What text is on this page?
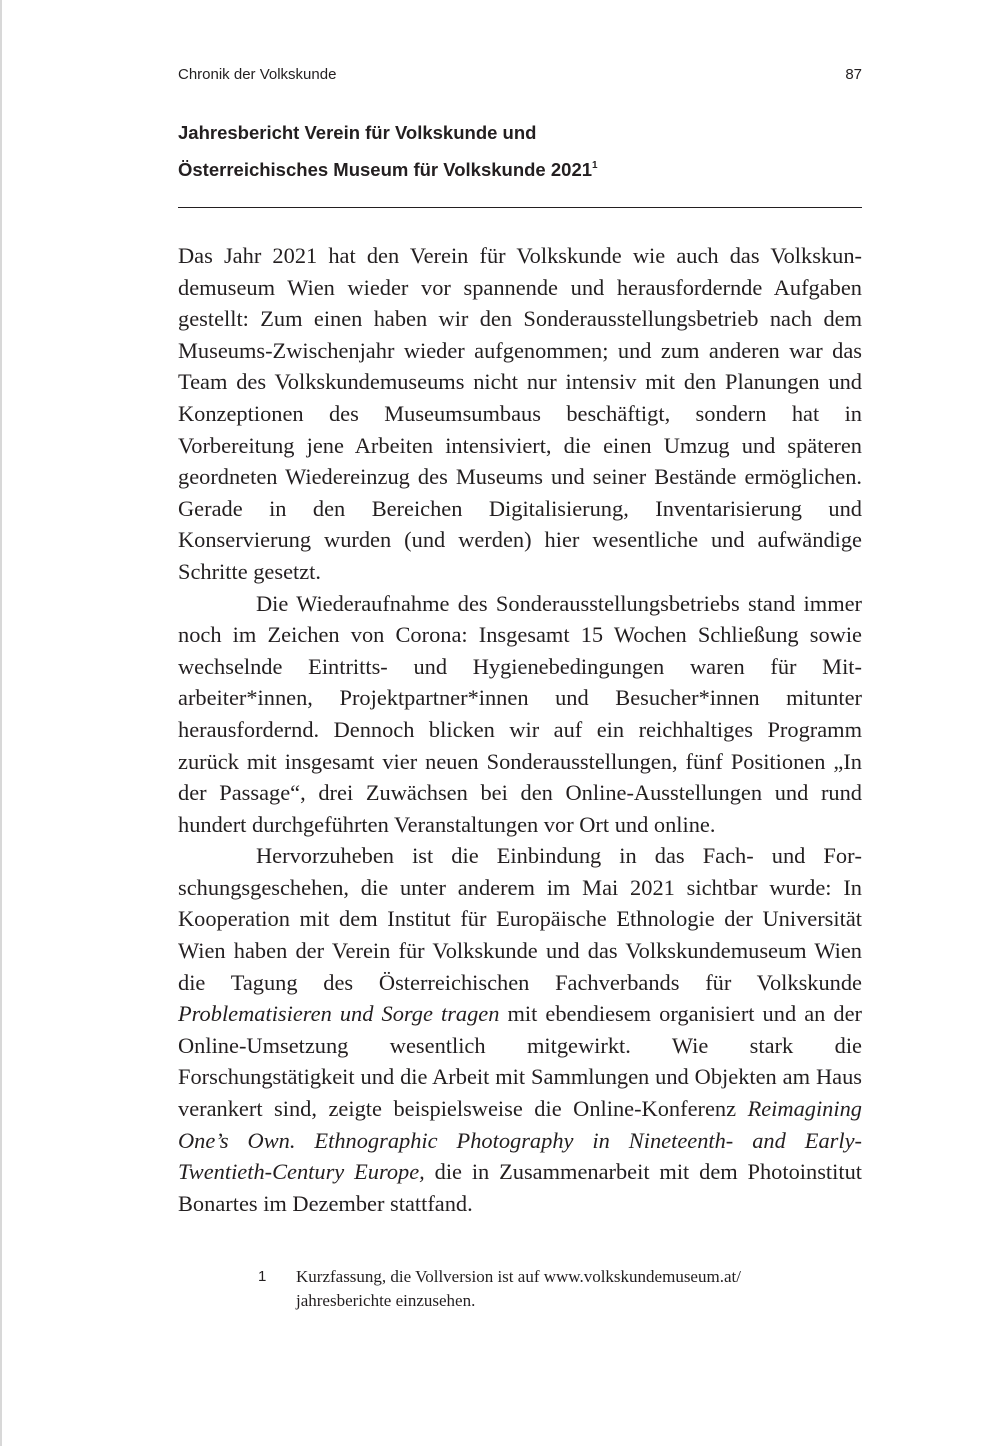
Chronik der Volkskunde	87
Jahresbericht Verein für Volkskunde und
Österreichisches Museum für Volkskunde 2021$^1$

Das Jahr 2021 hat den Verein für Volkskunde wie auch das Volkskundemuseum Wien wieder vor spannende und herausfordernde Aufgaben gestellt: Zum einen haben wir den Sonderausstellungsbetrieb nach dem Museums-Zwischenjahr wieder aufgenommen; und zum anderen war das Team des Volkskundemuseums nicht nur intensiv mit den Planungen und Konzeptionen des Museumsumbaus beschäftigt, sondern hat in Vorbereitung jene Arbeiten intensiviert, die einen Umzug und späteren geordneten Wiedereinzug des Museums und seiner Bestände ermöglichen. Gerade in den Bereichen Digitalisierung, Inventarisierung und Konservierung wurden (und werden) hier wesentliche und aufwändige Schritte gesetzt.

Die Wiederaufnahme des Sonderausstellungsbetriebs stand immer noch im Zeichen von Corona: Insgesamt 15 Wochen Schließung sowie wechselnde Eintritts- und Hygienebedingungen waren für Mitarbeiter*innen, Projektpartner*innen und Besucher*innen mitunter herausfordernd. Dennoch blicken wir auf ein reichhaltiges Programm zurück mit insgesamt vier neuen Sonderausstellungen, fünf Positionen „In der Passage“, drei Zuwächsen bei den Online-Ausstellungen und rund hundert durchgeführten Veranstaltungen vor Ort und online.

Hervorzuheben ist die Einbindung in das Fach- und Forschungsgeschehen, die unter anderem im Mai 2021 sichtbar wurde: In Kooperation mit dem Institut für Europäische Ethnologie der Universität Wien haben der Verein für Volkskunde und das Volkskundemuseum Wien die Tagung des Österreichischen Fachverbands für Volkskunde Problematisieren und Sorge tragen mit ebendiesem organisiert und an der Online-Umsetzung wesentlich mitgewirkt. Wie stark die Forschungstätigkeit und die Arbeit mit Sammlungen und Objekten am Haus verankert sind, zeigte beispielsweise die Online-Konferenz Reimagining One’s Own. Ethnographic Photography in Nineteenth- and Early-Twentieth-Century Europe, die in Zusammenarbeit mit dem Photoinstitut Bonartes im Dezember stattfand.

1	Kurzfassung, die Vollversion ist auf www.volkskundemuseum.at/ jahresberichte einzusehen.
